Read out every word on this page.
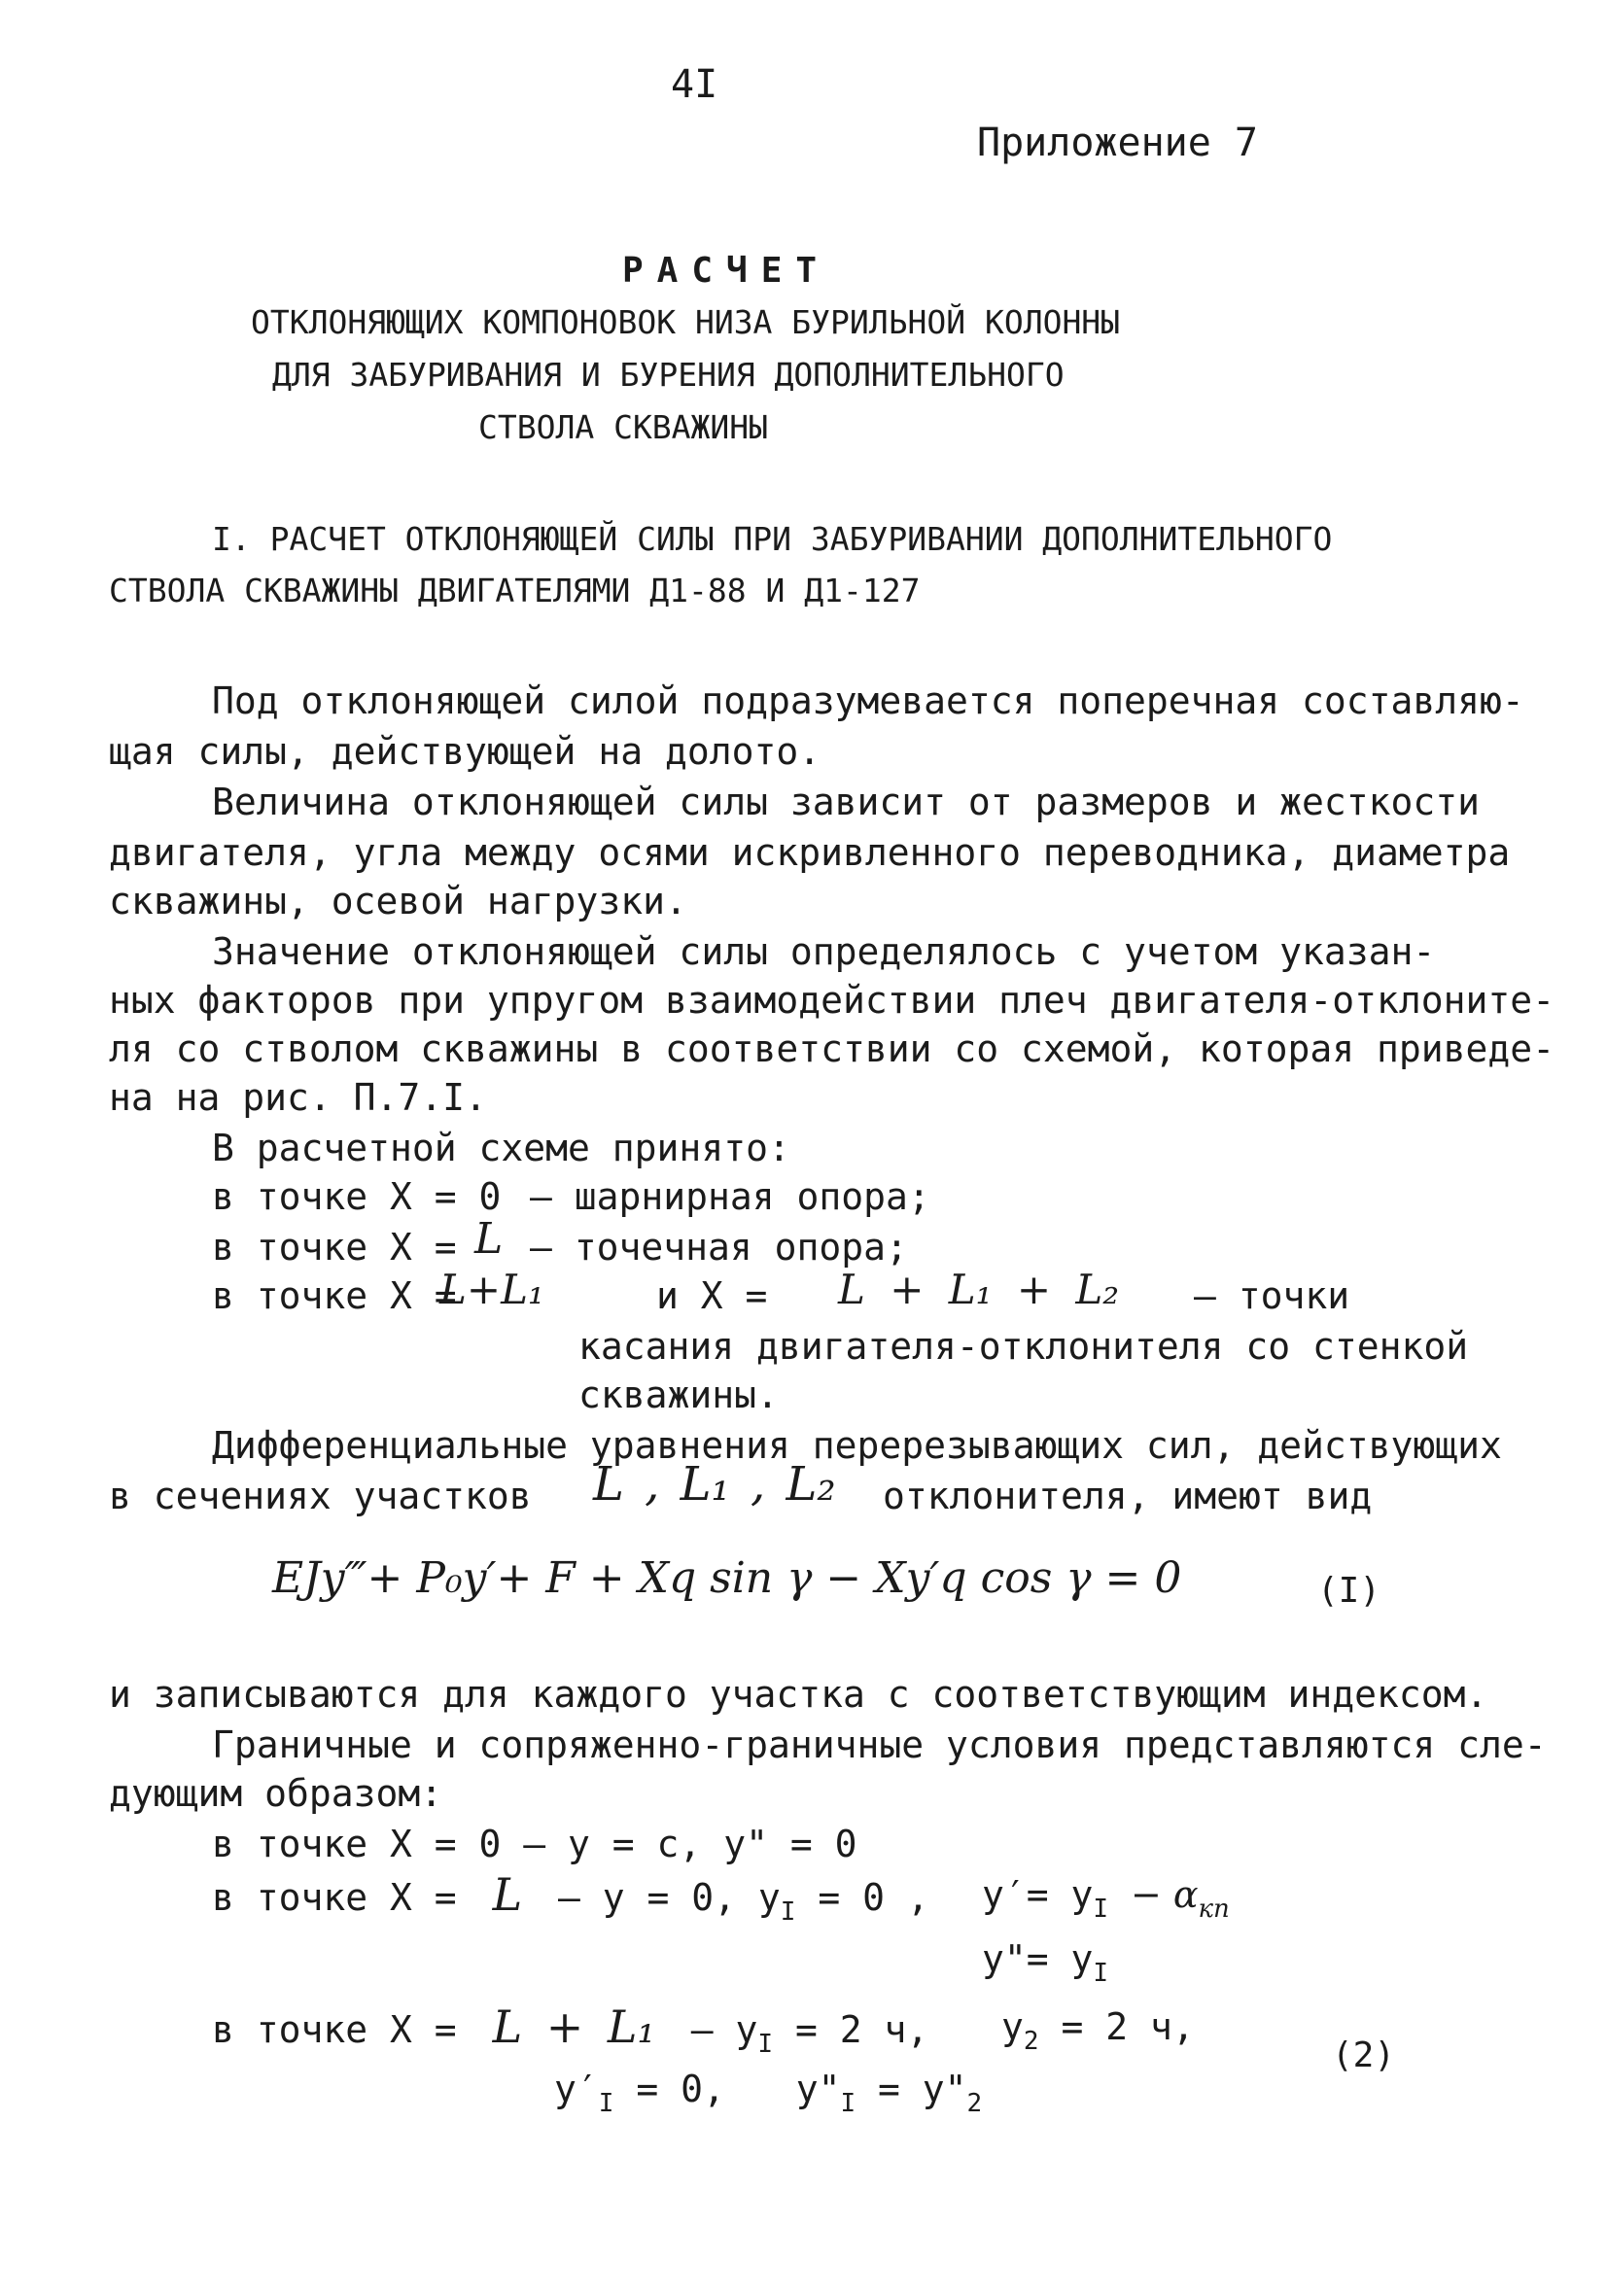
4I
Приложение 7
РАСЧЕТ
ОТКЛОНЯЮЩИХ КОМПОНОВОК НИЗА БУРИЛЬНОЙ КОЛОННЫ
ДЛЯ ЗАБУРИВАНИЯ И БУРЕНИЯ ДОПОЛНИТЕЛЬНОГО
СТВОЛА СКВАЖИНЫ
I. РАСЧЕТ ОТКЛОНЯЮЩЕЙ СИЛЫ ПРИ ЗАБУРИВАНИИ ДОПОЛНИТЕЛЬНОГО
СТВОЛА СКВАЖИНЫ ДВИГАТЕЛЯМИ Д1-88 И Д1-127
Под отклоняющей силой подразумевается поперечная составляю-
щая силы, действующей на долото.
Величина отклоняющей силы зависит от размеров и жесткости
двигателя, угла между осями искривленного переводника, диаметра
скважины, осевой нагрузки.
Значение отклоняющей силы определялось с учетом указан-
ных факторов при упругом взаимодействии плеч двигателя-отклоните-
ля со стволом скважины в соответствии со схемой, которая приведе-
на на рис. П.7.I.
В расчетной схеме принято:
в точке X = 0 – шарнирная опора;
в точке X = L – точечная опора;
в точке X =
L+L₁	и X = L + L₁ + L₂ – точки
касания двигателя-отклонителя со стенкой
скважины.
Дифференциальные уравнения перерезывающих сил, действующих
в сечениях участков L , L₁ , L₂ отклонителя, имеют вид
EJy‴+ P₀y′+ F + Xq sin γ − Xy′q cos γ = 0	(I)
и записываются для каждого участка с соответствующим индексом.
Граничные и сопряженно-граничные условия представляются сле-
дующим образом:
в точке X = 0 — y = c, y" = 0
в точке X = L — y = 0, $y_I = 0$ , $y'= y_I - \alpha_{кп}$
y"= $y_I$
в точке $X = L + L_1 - y_I = 2$ ч, $y_2 = 2$ ч,
$y'_I = 0$, $y"_I$ = $y"_2$
(2)
